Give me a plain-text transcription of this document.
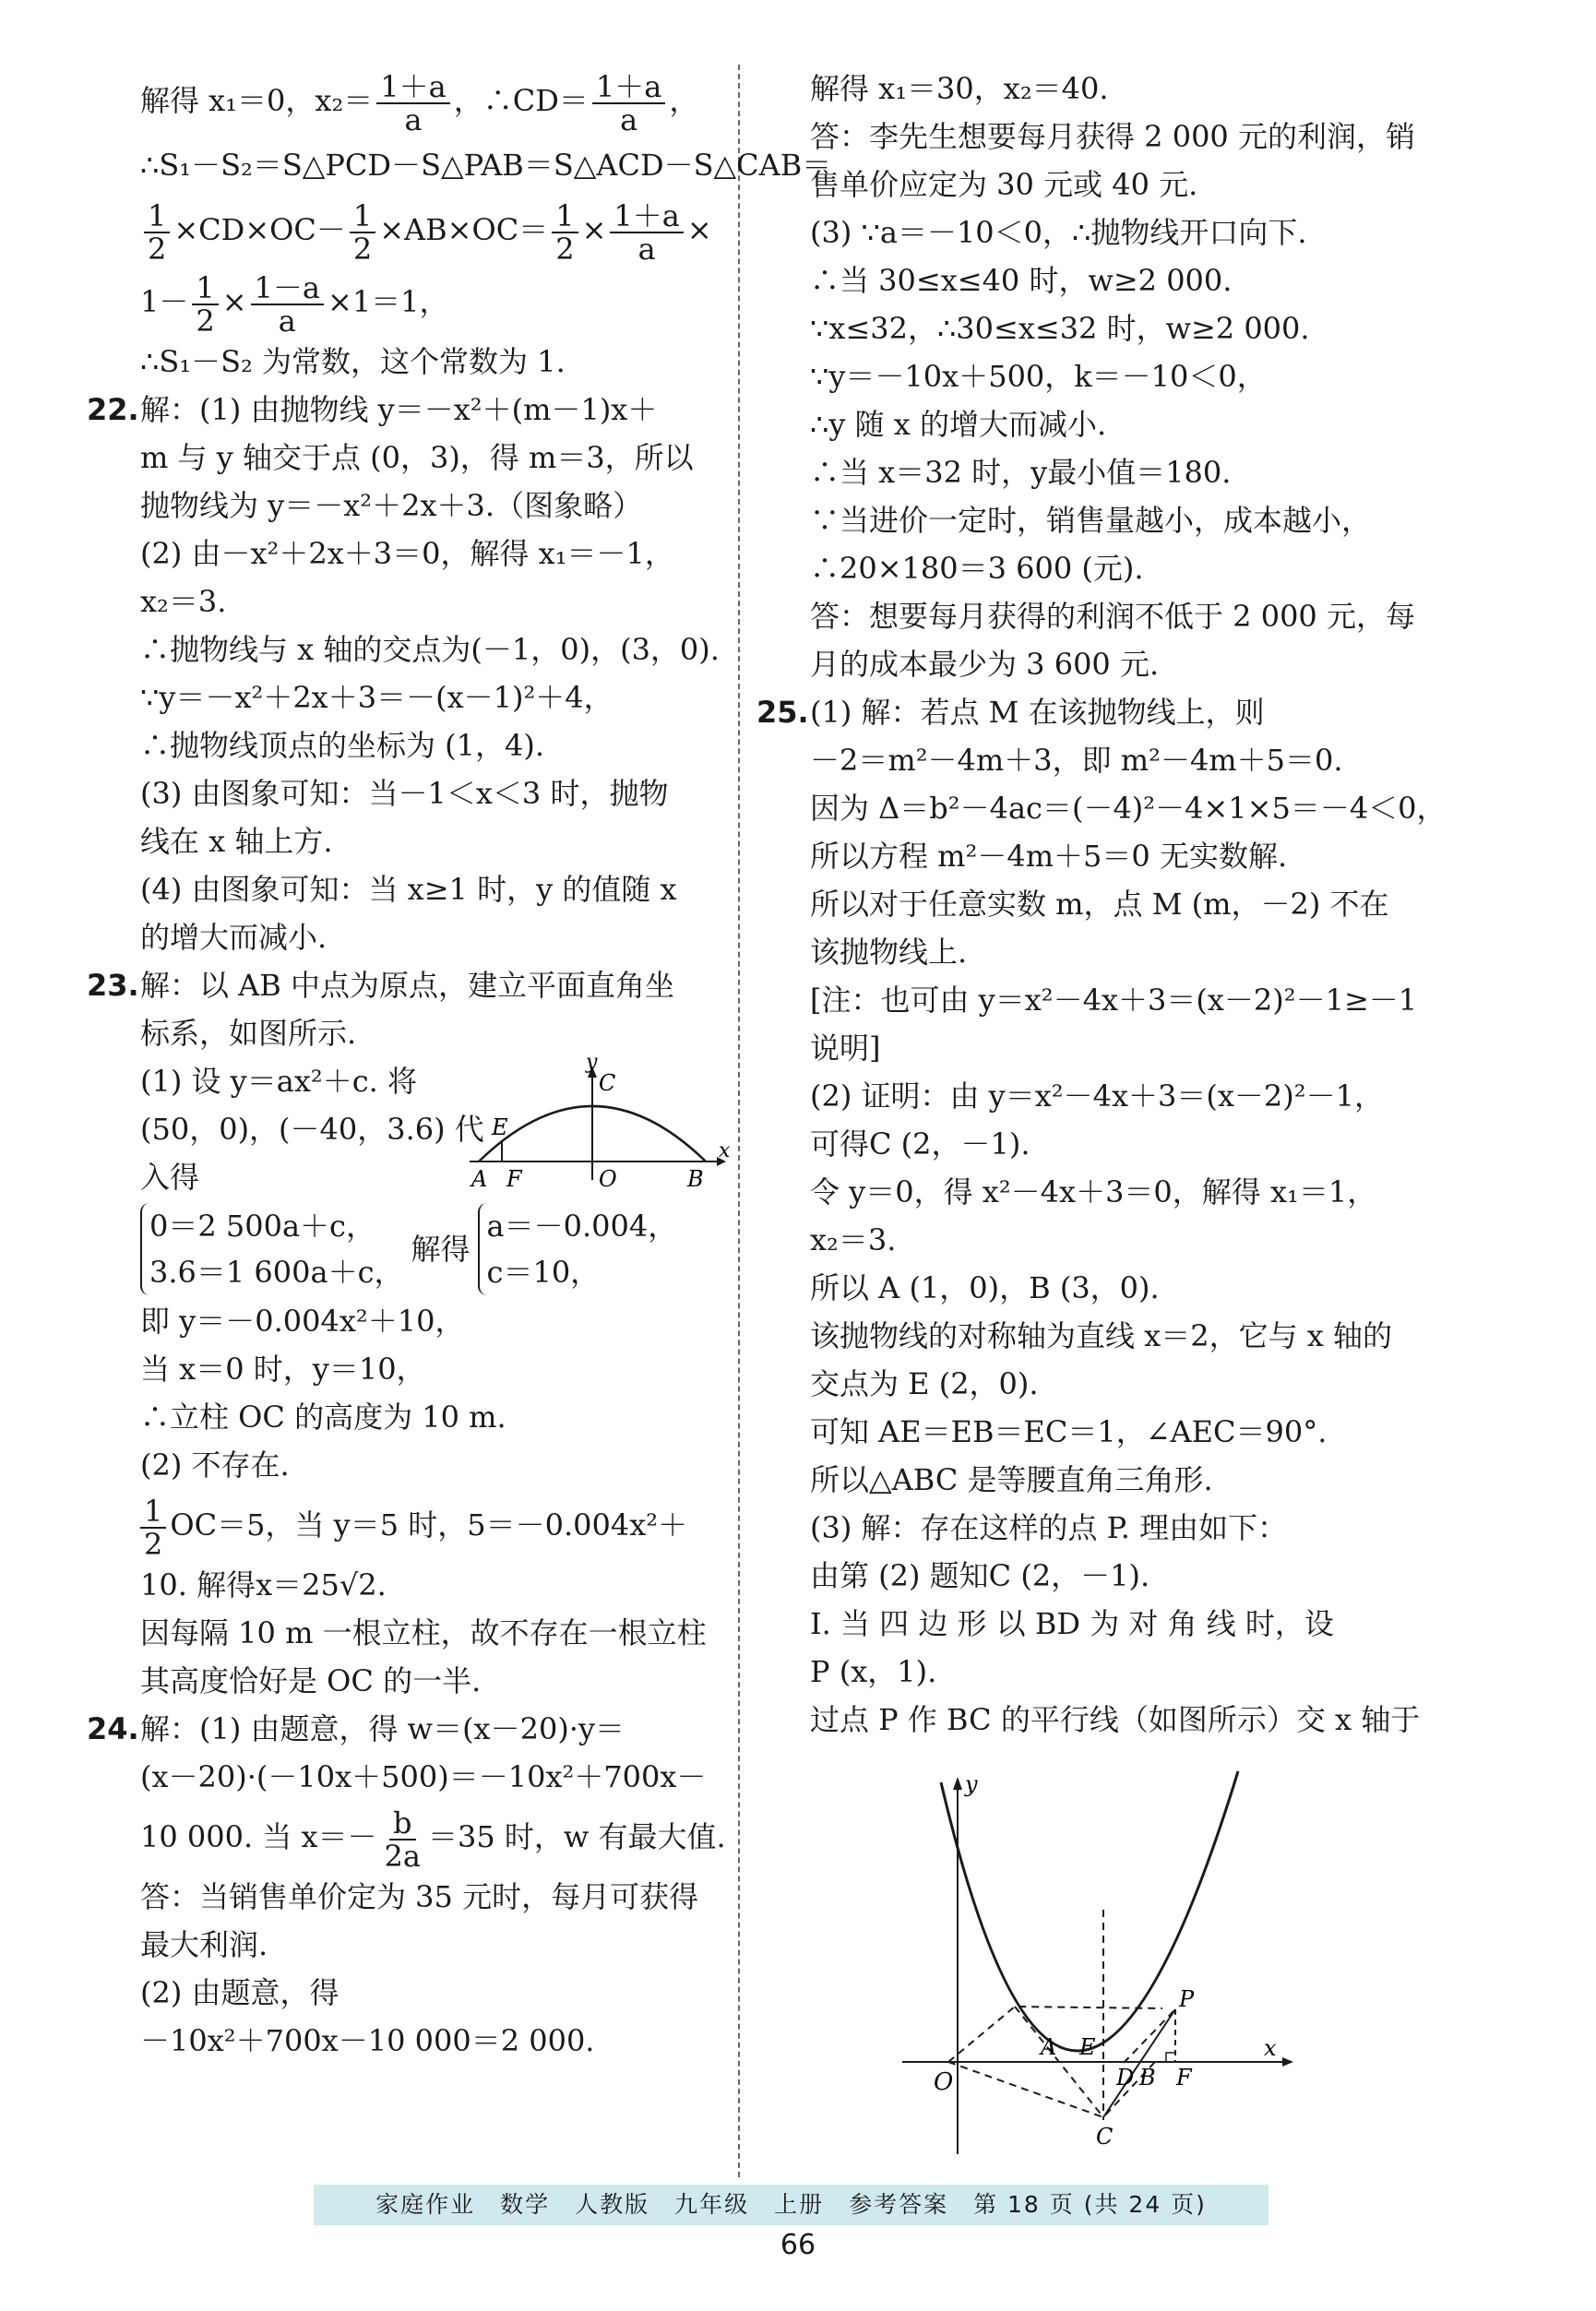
解得 x₁＝0，$x_2= \frac{1+a}{a}$ ，∴CD＝ $\frac{1+a}{a}$ ，
∴S₁－S₂＝S△PCD－S△PAB＝S△ACD－S△CAB＝
$\frac{1}{2} \times CD\times OC- \frac{1}{2} \times AB\times OC= \frac{1}{2} \times \frac{1+a}{a}$ ×
$1- \frac{1}{2} \times \frac{1-a}{a} \times 1=1$，
∴S₁－S₂ 为常数，这个常数为 1.
22.解：(1) 由抛物线 y＝－x²＋(m－1)x＋
m 与 y 轴交于点 (0，3)，得 m＝3，所以
抛物线为 y＝－x²＋2x＋3.（图象略）
(2) 由－x²＋2x＋3＝0，解得 x₁＝－1，
x₂＝3.
∴抛物线与 x 轴的交点为(－1，0)，(3，0).
∵y＝－x²＋2x＋3＝－(x－1)²＋4，
∴抛物线顶点的坐标为 (1，4).
(3) 由图象可知：当－1＜x＜3 时，抛物
线在 x 轴上方.
(4) 由图象可知：当 x≥1 时，y 的值随 x
的增大而减小.
23.解：以 AB 中点为原点，建立平面直角坐
标系，如图所示.
(1) 设 y＝ax²＋c. 将
(50，0)，(－40，3.6) 代
入得
y
x
C
E
A F	O	B
0＝2 500a＋c，
3.6＝1 600a＋c，
解得
a＝－0.004，
c＝10，
即 y＝－0.004x²＋10，
当 x＝0 时，y＝10，
∴立柱 OC 的高度为 10 m.
(2) 不存在.
$\frac{1}{2} OC=5$，当 y＝5 时，5＝－0.004x²＋
10. 解得x＝25√2.
因每隔 10 m 一根立柱，故不存在一根立柱
其高度恰好是 OC 的一半.
24.解：(1) 由题意，得 w＝(x－20)·y＝
(x－20)·(－10x＋500)＝－10x²＋700x－
10 000. 当 $x=- \frac{b}{2a} =35$ 时，w 有最大值.
答：当销售单价定为 35 元时，每月可获得
最大利润.
(2) 由题意，得
－10x²＋700x－10 000＝2 000.
解得 x₁＝30，x₂＝40.
答：李先生想要每月获得 2 000 元的利润，销
售单价应定为 30 元或 40 元.
(3) ∵a＝－10＜0，∴抛物线开口向下.
∴当 30≤x≤40 时，w≥2 000.
∵x≤32，∴30≤x≤32 时，w≥2 000.
∵y＝－10x＋500，k＝－10＜0，
∴y 随 x 的增大而减小.
∴当 x＝32 时，y最小值＝180.
∵当进价一定时，销售量越小，成本越小，
∴20×180＝3 600 (元).
答：想要每月获得的利润不低于 2 000 元，每
月的成本最少为 3 600 元.
25.(1) 解：若点 M 在该抛物线上，则
－2＝m²－4m＋3，即 m²－4m＋5＝0.
因为 Δ＝b²－4ac＝(－4)²－4×1×5＝－4＜0，
所以方程 m²－4m＋5＝0 无实数解.
所以对于任意实数 m，点 M (m，－2) 不在
该抛物线上.
[注：也可由 y＝x²－4x＋3＝(x－2)²－1≥－1
说明]
(2) 证明：由 y＝x²－4x＋3＝(x－2)²－1，
可得C (2，－1).
令 y＝0，得 x²－4x＋3＝0，解得 x₁＝1，
x₂＝3.
所以 A (1，0)，B (3，0).
该抛物线的对称轴为直线 x＝2，它与 x 轴的
交点为 E (2，0).
可知 AE＝EB＝EC＝1，∠AEC＝90°.
所以△ABC 是等腰直角三角形.
(3) 解：存在这样的点 P. 理由如下：
由第 (2) 题知C (2，－1).
Ⅰ. 当 四 边 形 以 BD 为 对 角 线 时，设
P (x，1).
过点 P 作 BC 的平行线（如图所示）交 x 轴于
y
x
O
A E
D B F
P
C
家庭作业　数学　人教版　九年级　上册　参考答案　第 18 页 (共 24 页)
66
